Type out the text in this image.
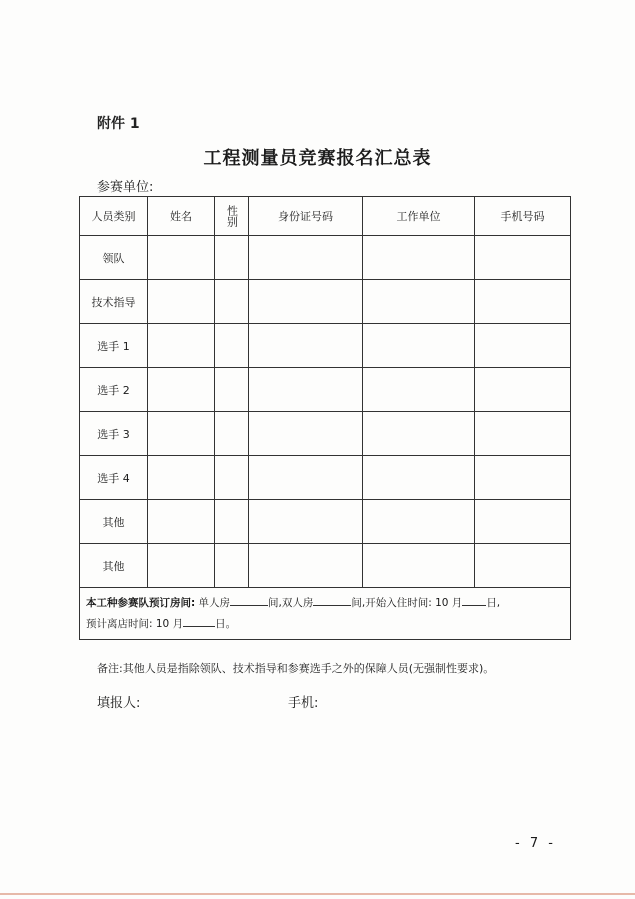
附件 1
工程测量员竞赛报名汇总表
参赛单位:
人员类别	姓名	性别	身份证号码	工作单位	手机号码
领队					
技术指导					
选手 1					
选手 2					
选手 3					
选手 4					
其他					
其他					
本工种参赛队预订房间: 单人房 间,双人房 间,开始入住时间: 10 月 日,
预计离店时间: 10 月 日。					
备注:其他人员是指除领队、技术指导和参赛选手之外的保障人员(无强制性要求)。
填报人:	手机:
- 7 -
